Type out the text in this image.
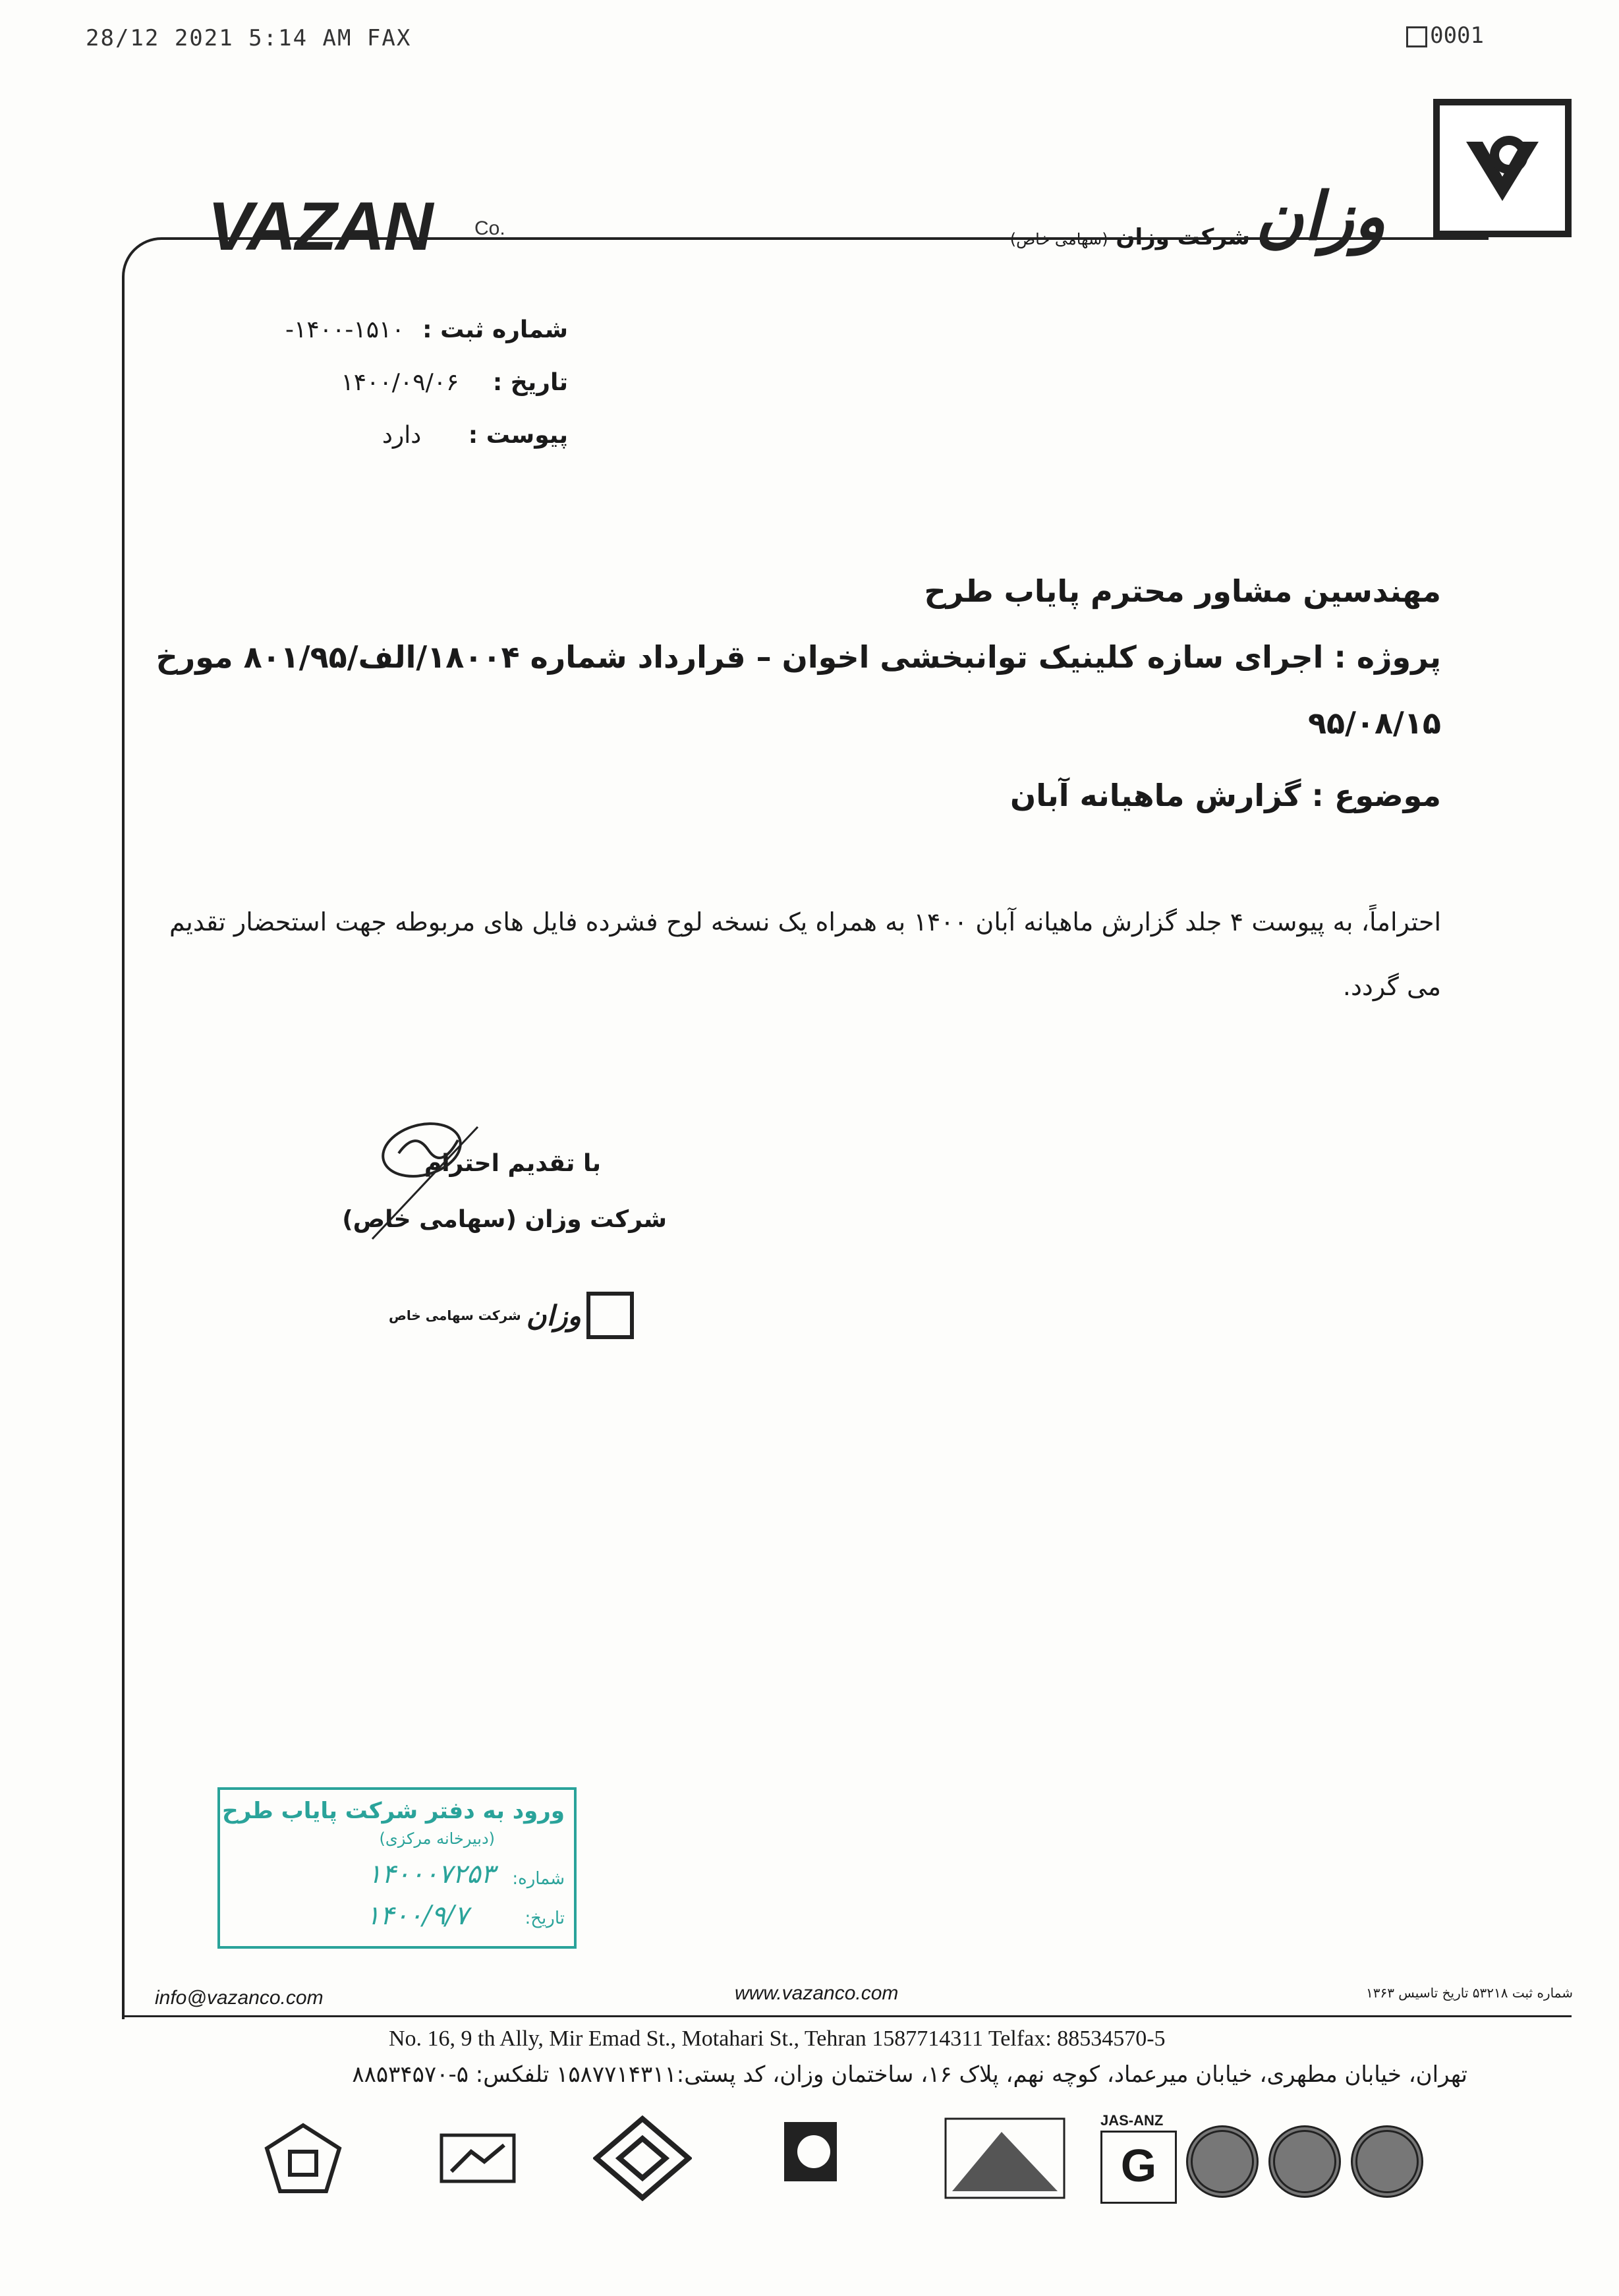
28/12 2021 5:14 AM FAX	0001
VAZAN Co.	وزان
شرکت وزان (سهامی خاص)
شماره ثبت : ۱۴۰۰-۱۵۱۰-
تاریخ : ۱۴۰۰/۰۹/۰۶
پیوست : دارد
مهندسین مشاور محترم پایاب طرح
پروژه : اجرای سازه کلینیک توانبخشی اخوان – قرارداد شماره ۱۸۰۰۴/الف/۸۰۱/۹۵ مورخ
۹۵/۰۸/۱۵
موضوع : گزارش ماهیانه آبان
احتراماً، به پیوست ۴ جلد گزارش ماهیانه آبان ۱۴۰۰ به همراه یک نسخه لوح فشرده فایل های مربوطه جهت استحضار تقدیم می گردد.
با تقدیم احترام
شرکت وزان (سهامی خاص)
وزان
شرکت سهامی خاص
ورود به دفتر شرکت پایاب طرح
(دبیرخانه مرکزی)
شماره:
۱۴۰۰۰۷۲۵۳
تاریخ:
۱۴۰۰/۹/۷
info@vazanco.com	www.vazanco.com	شماره ثبت ۵۳۲۱۸ تاریخ تاسیس ۱۳۶۳
No. 16, 9 th Ally, Mir Emad St., Motahari St., Tehran 1587714311 Telfax: 88534570-5
تهران، خیابان مطهری، خیابان میرعماد، کوچه نهم، پلاک ۱۶، ساختمان وزان، کد پستی:۱۵۸۷۷۱۴۳۱۱ تلفکس: ۵-۸۸۵۳۴۵۷۰
JAS-ANZ
G
